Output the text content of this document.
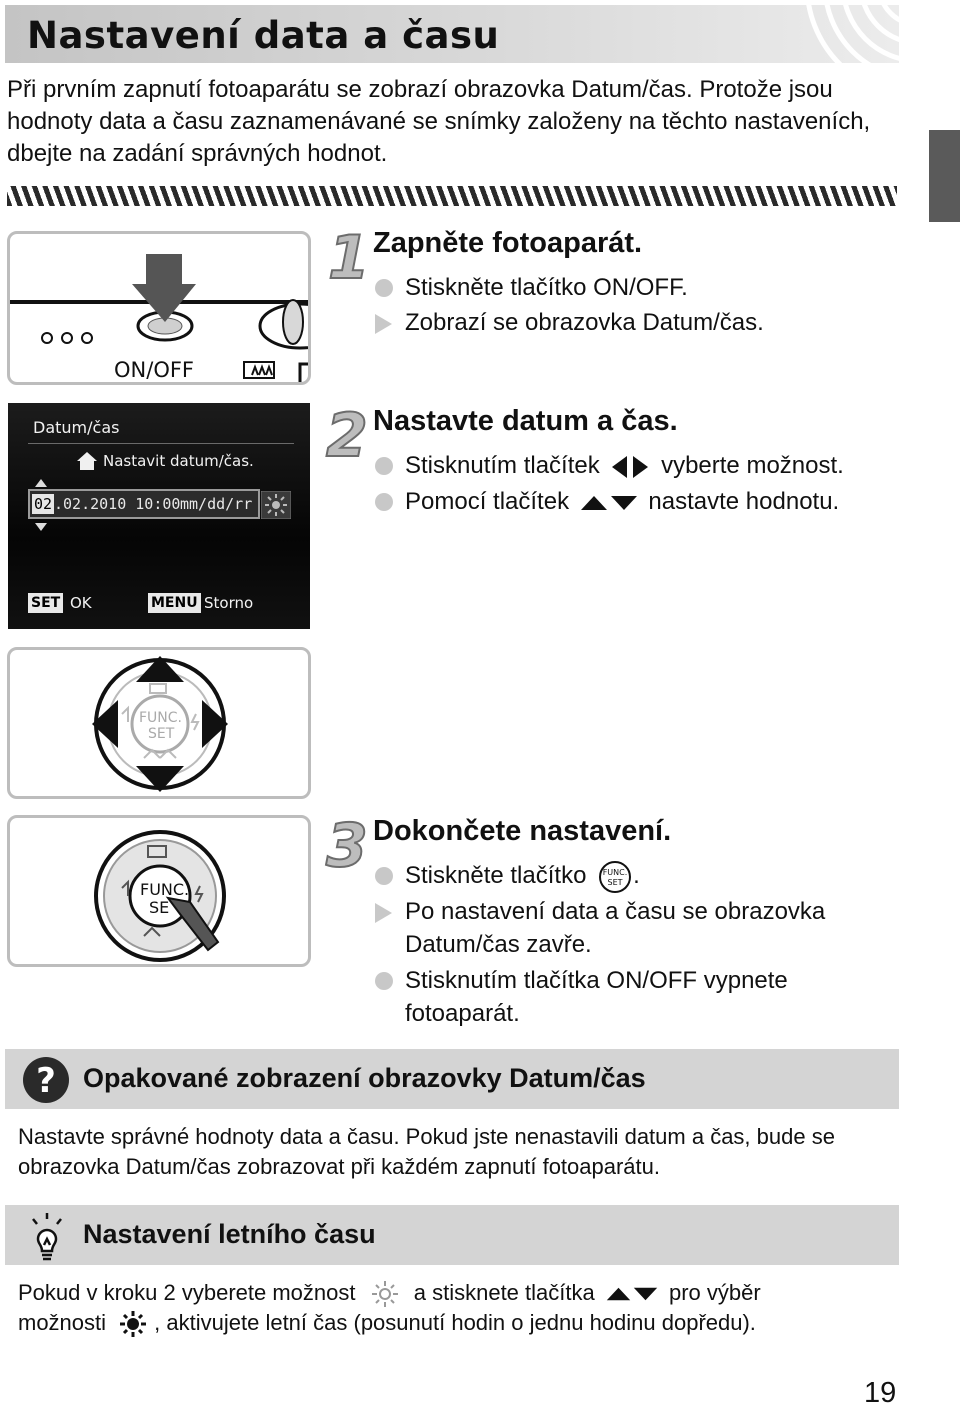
Nastavení data a času

Při prvním zapnutí fotoaparátu se zobrazí obrazovka Datum/čas. Protože jsou hodnoty data a času zaznamenávané se snímky založeny na těchto nastaveních, dbejte na zadání správných hodnot.

ON/OFF
Datum/čas
Nastavit datum/čas.
02 .02.2010 10:00 mm/dd/rr
SET OK	MENU Storno
FUNC.
SET
FUNC.
SE
1 Zapněte fotoaparát.
Stiskněte tlačítko ON/OFF.
Zobrazí se obrazovka Datum/čas.
2 Nastavte datum a čas.
Stisknutím tlačítek	vyberte možnost.
Pomocí tlačítek	nastavte hodnotu.
3 Dokončete nastavení.
Stiskněte tlačítko FUNC.
SET .
Po nastavení data a času se obrazovka Datum/čas zavře.
Stisknutím tlačítka ON/OFF vypnete fotoaparát.
? Opakované zobrazení obrazovky Datum/čas

Nastavte správné hodnoty data a času. Pokud jste nenastavili datum a čas, bude se obrazovka Datum/čas zobrazovat při každém zapnutí fotoaparátu.

Nastavení letního času
Pokud v kroku 2 vyberete možnost	a stisknete tlačítka	pro výběr
možnosti , aktivujete letní čas (posunutí hodin o jednu hodinu dopředu).
19
